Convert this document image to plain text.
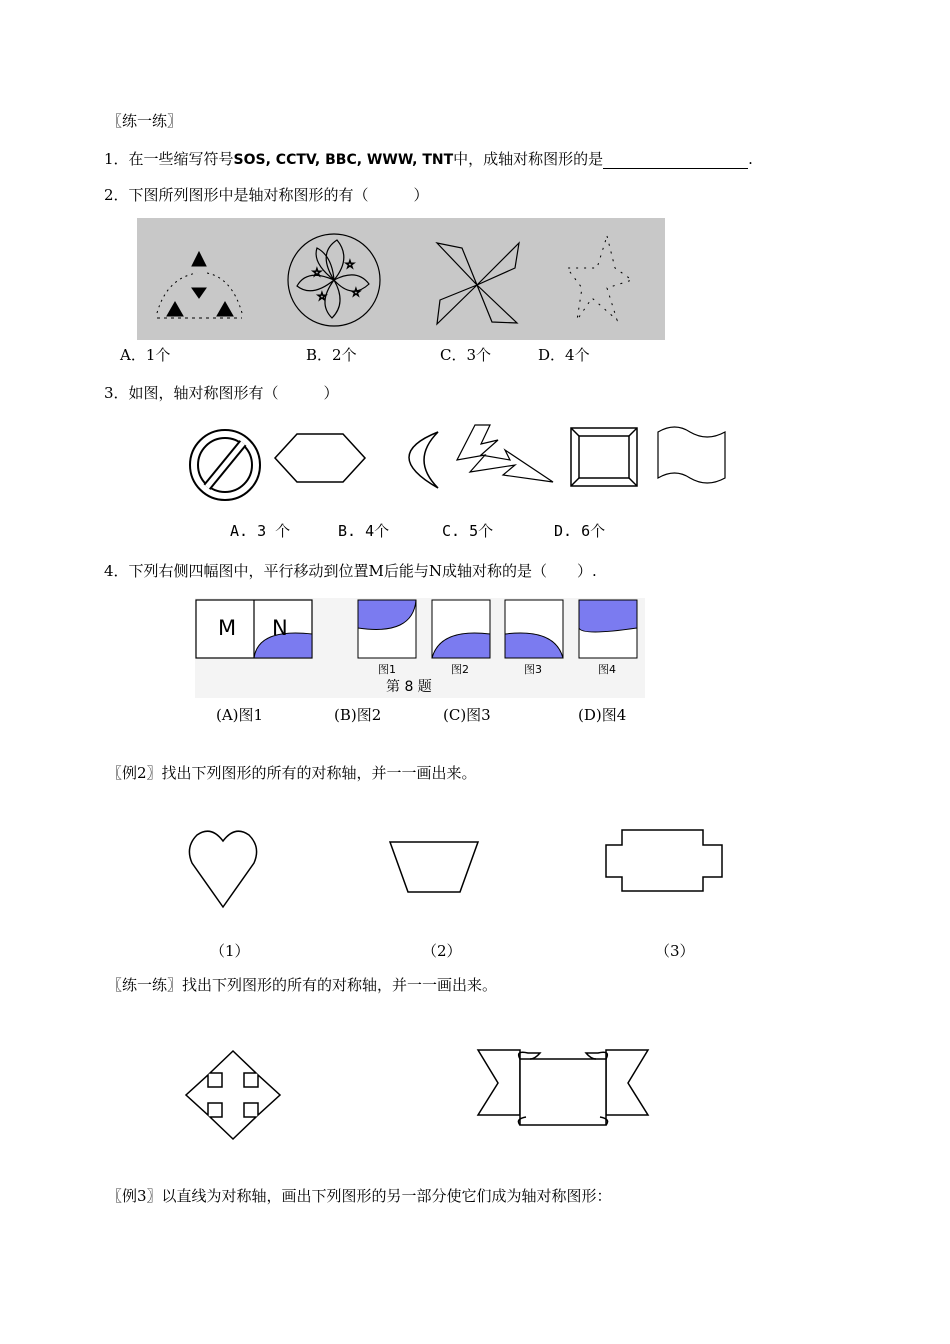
〖练一练〗
1．在一些缩写符号SOS, CCTV, BBC, WWW, TNT中，成轴对称图形的是	.
2．下图所列图形中是轴对称图形的有（　　　）
☆
☆
☆
☆
A．1个	B．2个	C．3个	D．4个
3．如图，轴对称图形有（　　　）
A. 3 个	B. 4个	C. 5个	D. 6个
4．下列右侧四幅图中，平行移动到位置M后能与N成轴对称的是（　　）.
M N
图1	图2	图3	图4
第 8 题
(A)图1	(B)图2	(C)图3	(D)图4
〖例2〗找出下列图形的所有的对称轴，并一一画出来。
（1）	（2）	（3）
〖练一练〗找出下列图形的所有的对称轴，并一一画出来。
〖例3〗以直线为对称轴，画出下列图形的另一部分使它们成为轴对称图形：
